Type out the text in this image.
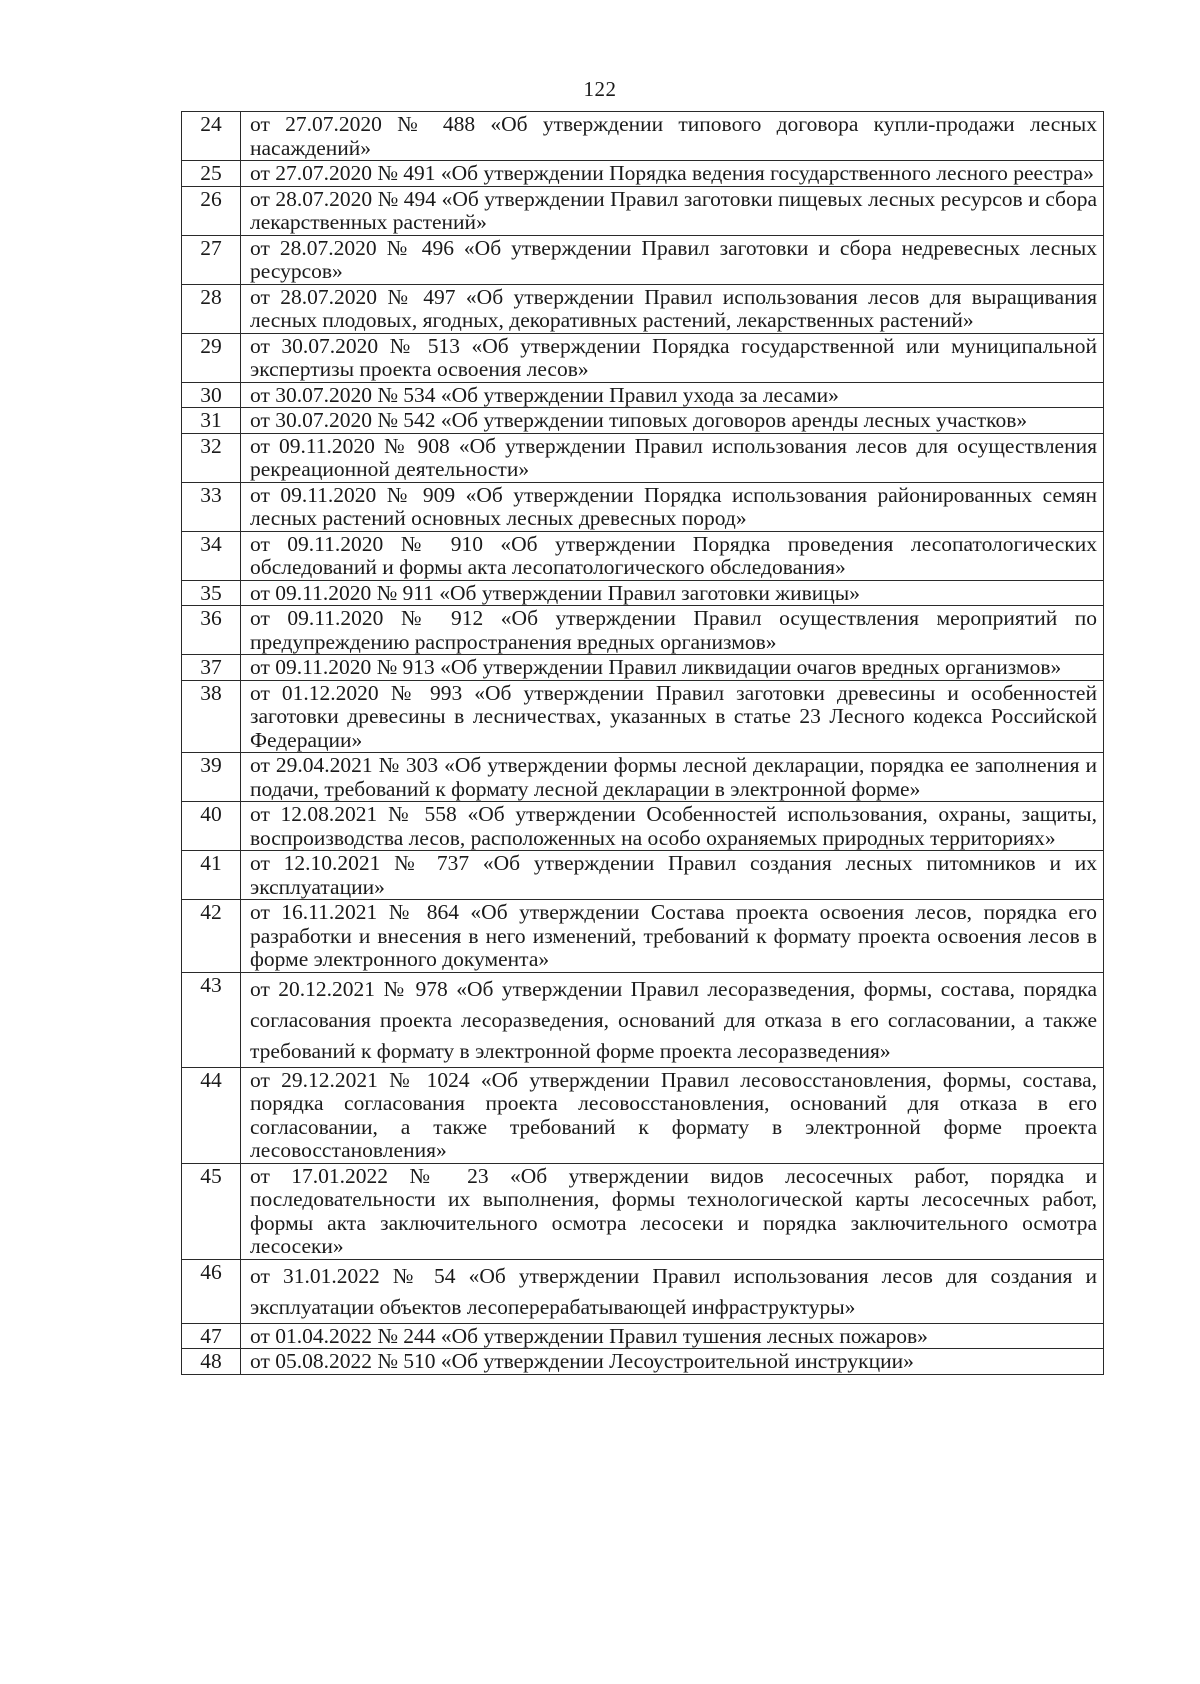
122
24	от 27.07.2020 № 488 «Об утверждении типового договора купли-продажи лесных насаждений»
25	от 27.07.2020 № 491 «Об утверждении Порядка ведения государственного лесного реестра»
26	от 28.07.2020 № 494 «Об утверждении Правил заготовки пищевых лесных ресурсов и сбора лекарственных растений»
27	от 28.07.2020 № 496 «Об утверждении Правил заготовки и сбора недревесных лесных ресурсов»
28	от 28.07.2020 № 497 «Об утверждении Правил использования лесов для выращивания лесных плодовых, ягодных, декоративных растений, лекарственных растений»
29	от 30.07.2020 № 513 «Об утверждении Порядка государственной или муниципальной экспертизы проекта освоения лесов»
30	от 30.07.2020 № 534 «Об утверждении Правил ухода за лесами»
31	от 30.07.2020 № 542 «Об утверждении типовых договоров аренды лесных участков»
32	от 09.11.2020 № 908 «Об утверждении Правил использования лесов для осуществления рекреационной деятельности»
33	от 09.11.2020 № 909 «Об утверждении Порядка использования районированных семян лесных растений основных лесных древесных пород»
34	от 09.11.2020 № 910 «Об утверждении Порядка проведения лесопатологических обследований и формы акта лесопатологического обследования»
35	от 09.11.2020 № 911 «Об утверждении Правил заготовки живицы»
36	от 09.11.2020 № 912 «Об утверждении Правил осуществления мероприятий по предупреждению распространения вредных организмов»
37	от 09.11.2020 № 913 «Об утверждении Правил ликвидации очагов вредных организмов»
38	от 01.12.2020 № 993 «Об утверждении Правил заготовки древесины и особенностей заготовки древесины в лесничествах, указанных в статье 23 Лесного кодекса Российской Федерации»
39	от 29.04.2021 № 303 «Об утверждении формы лесной декларации, порядка ее заполнения и подачи, требований к формату лесной декларации в электронной форме»
40	от 12.08.2021 № 558 «Об утверждении Особенностей использования, охраны, защиты, воспроизводства лесов, расположенных на особо охраняемых природных территориях»
41	от 12.10.2021 № 737 «Об утверждении Правил создания лесных питомников и их эксплуатации»
42	от 16.11.2021 № 864 «Об утверждении Состава проекта освоения лесов, порядка его разработки и внесения в него изменений, требований к формату проекта освоения лесов в форме электронного документа»
43	от 20.12.2021 № 978 «Об утверждении Правил лесоразведения, формы, состава, порядка согласования проекта лесоразведения, оснований для отказа в его согласовании, а также требований к формату в электронной форме проекта лесоразведения»
44	от 29.12.2021 № 1024 «Об утверждении Правил лесовосстановления, формы, состава, порядка согласования проекта лесовосстановления, оснований для отказа в его согласовании, а также требований к формату в электронной форме проекта лесовосстановления»
45	от 17.01.2022 № 23 «Об утверждении видов лесосечных работ, порядка и последовательности их выполнения, формы технологической карты лесосечных работ, формы акта заключительного осмотра лесосеки и порядка заключительного осмотра лесосеки»
46	от 31.01.2022 № 54 «Об утверждении Правил использования лесов для создания и эксплуатации объектов лесоперерабатывающей инфраструктуры»
47	от 01.04.2022 № 244 «Об утверждении Правил тушения лесных пожаров»
48	от 05.08.2022 № 510 «Об утверждении Лесоустроительной инструкции»
